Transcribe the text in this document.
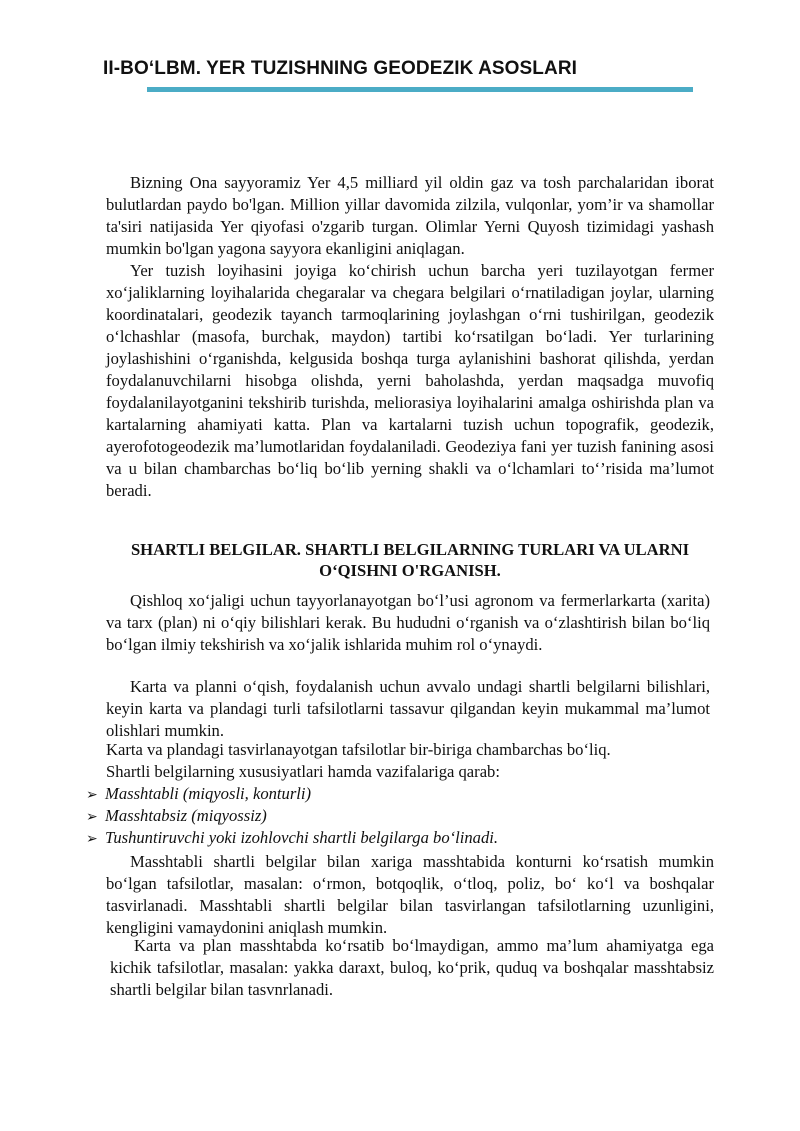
II-BO‘LBM. YER TUZISHNING GEODEZIK ASOSLARI

Bizning Ona sayyoramiz Yer 4,5 milliard yil oldin gaz va tosh parchalaridan iborat bulutlardan paydo bo'lgan. Million yillar davomida zilzila, vulqonlar, yom’ir va shamollar ta'siri natijasida Yer qiyofasi o'zgarib turgan. Olimlar Yerni Quyosh tizimidagi yashash mumkin bo'lgan yagona sayyora ekanligini aniqlagan.

Yer tuzish loyihasini joyiga ko‘chirish uchun barcha yeri tuzilayotgan fermer xo‘jaliklarning loyihalarida chegaralar va chegara belgilari o‘rnatiladigan joylar, ularning koordinatalari, geodezik tayanch tarmoqlarining joylashgan o‘rni tushirilgan, geodezik o‘lchashlar (masofa, burchak, maydon) tartibi ko‘rsatilgan bo‘ladi. Yer turlarining joylashishini o‘rganishda, kelgusida boshqa turga aylanishini bashorat qilishda, yerdan foydalanuvchilarni hisobga olishda, yerni baholashda, yerdan maqsadga muvofiq foydalanilayotganini tekshirib turishda, meliorasiya loyihalarini amalga oshirishda plan va kartalarning ahamiyati katta. Plan va kartalarni tuzish uchun topografik, geodezik, ayerofotogeodezik ma’lumotlaridan foydalaniladi. Geodeziya fani yer tuzish fanining asosi va u bilan chambarchas bo‘liq bo‘lib yerning shakli va o‘lchamlari to‘’risida ma’lumot beradi.

SHARTLI BELGILAR. SHARTLI BELGILARNING TURLARI VA ULARNI O‘QISHNI O'RGANISH.

Qishloq xo‘jaligi uchun tayyorlanayotgan bo‘l’usi agronom va fermerlarkarta (xarita) va tarx (plan) ni o‘qiy bilishlari kerak. Bu hududni o‘rganish va o‘zlashtirish bilan bo‘liq bo‘lgan ilmiy tekshirish va xo‘jalik ishlarida muhim rol o‘ynaydi.

Karta va planni o‘qish, foydalanish uchun avvalo undagi shartli belgilarni bilishlari, keyin karta va plandagi turli tafsilotlarni tassavur qilgandan keyin mukammal ma’lumot olishlari mumkin.

Karta va plandagi tasvirlanayotgan tafsilotlar bir-biriga chambarchas bo‘liq.

Shartli belgilarning xususiyatlari hamda vazifalariga qarab:

➢ Masshtabli (miqyosli, konturli)
➢ Masshtabsiz (miqyossiz)
➢ Tushuntiruvchi yoki izohlovchi shartli belgilarga bo‘linadi.

Masshtabli shartli belgilar bilan xariga masshtabida konturni ko‘rsatish mumkin bo‘lgan tafsilotlar, masalan: o‘rmon, botqoqlik, o‘tloq, poliz, bo‘ ko‘l va boshqalar tasvirlanadi. Masshtabli shartli belgilar bilan tasvirlangan tafsilotlarning uzunligini, kengligini vamaydonini aniqlash mumkin.

Karta va plan masshtabda ko‘rsatib bo‘lmaydigan, ammo ma’lum ahamiyatga ega kichik tafsilotlar, masalan: yakka daraxt, buloq, ko‘prik, quduq va boshqalar masshtabsiz shartli belgilar bilan tasvnrlanadi.
